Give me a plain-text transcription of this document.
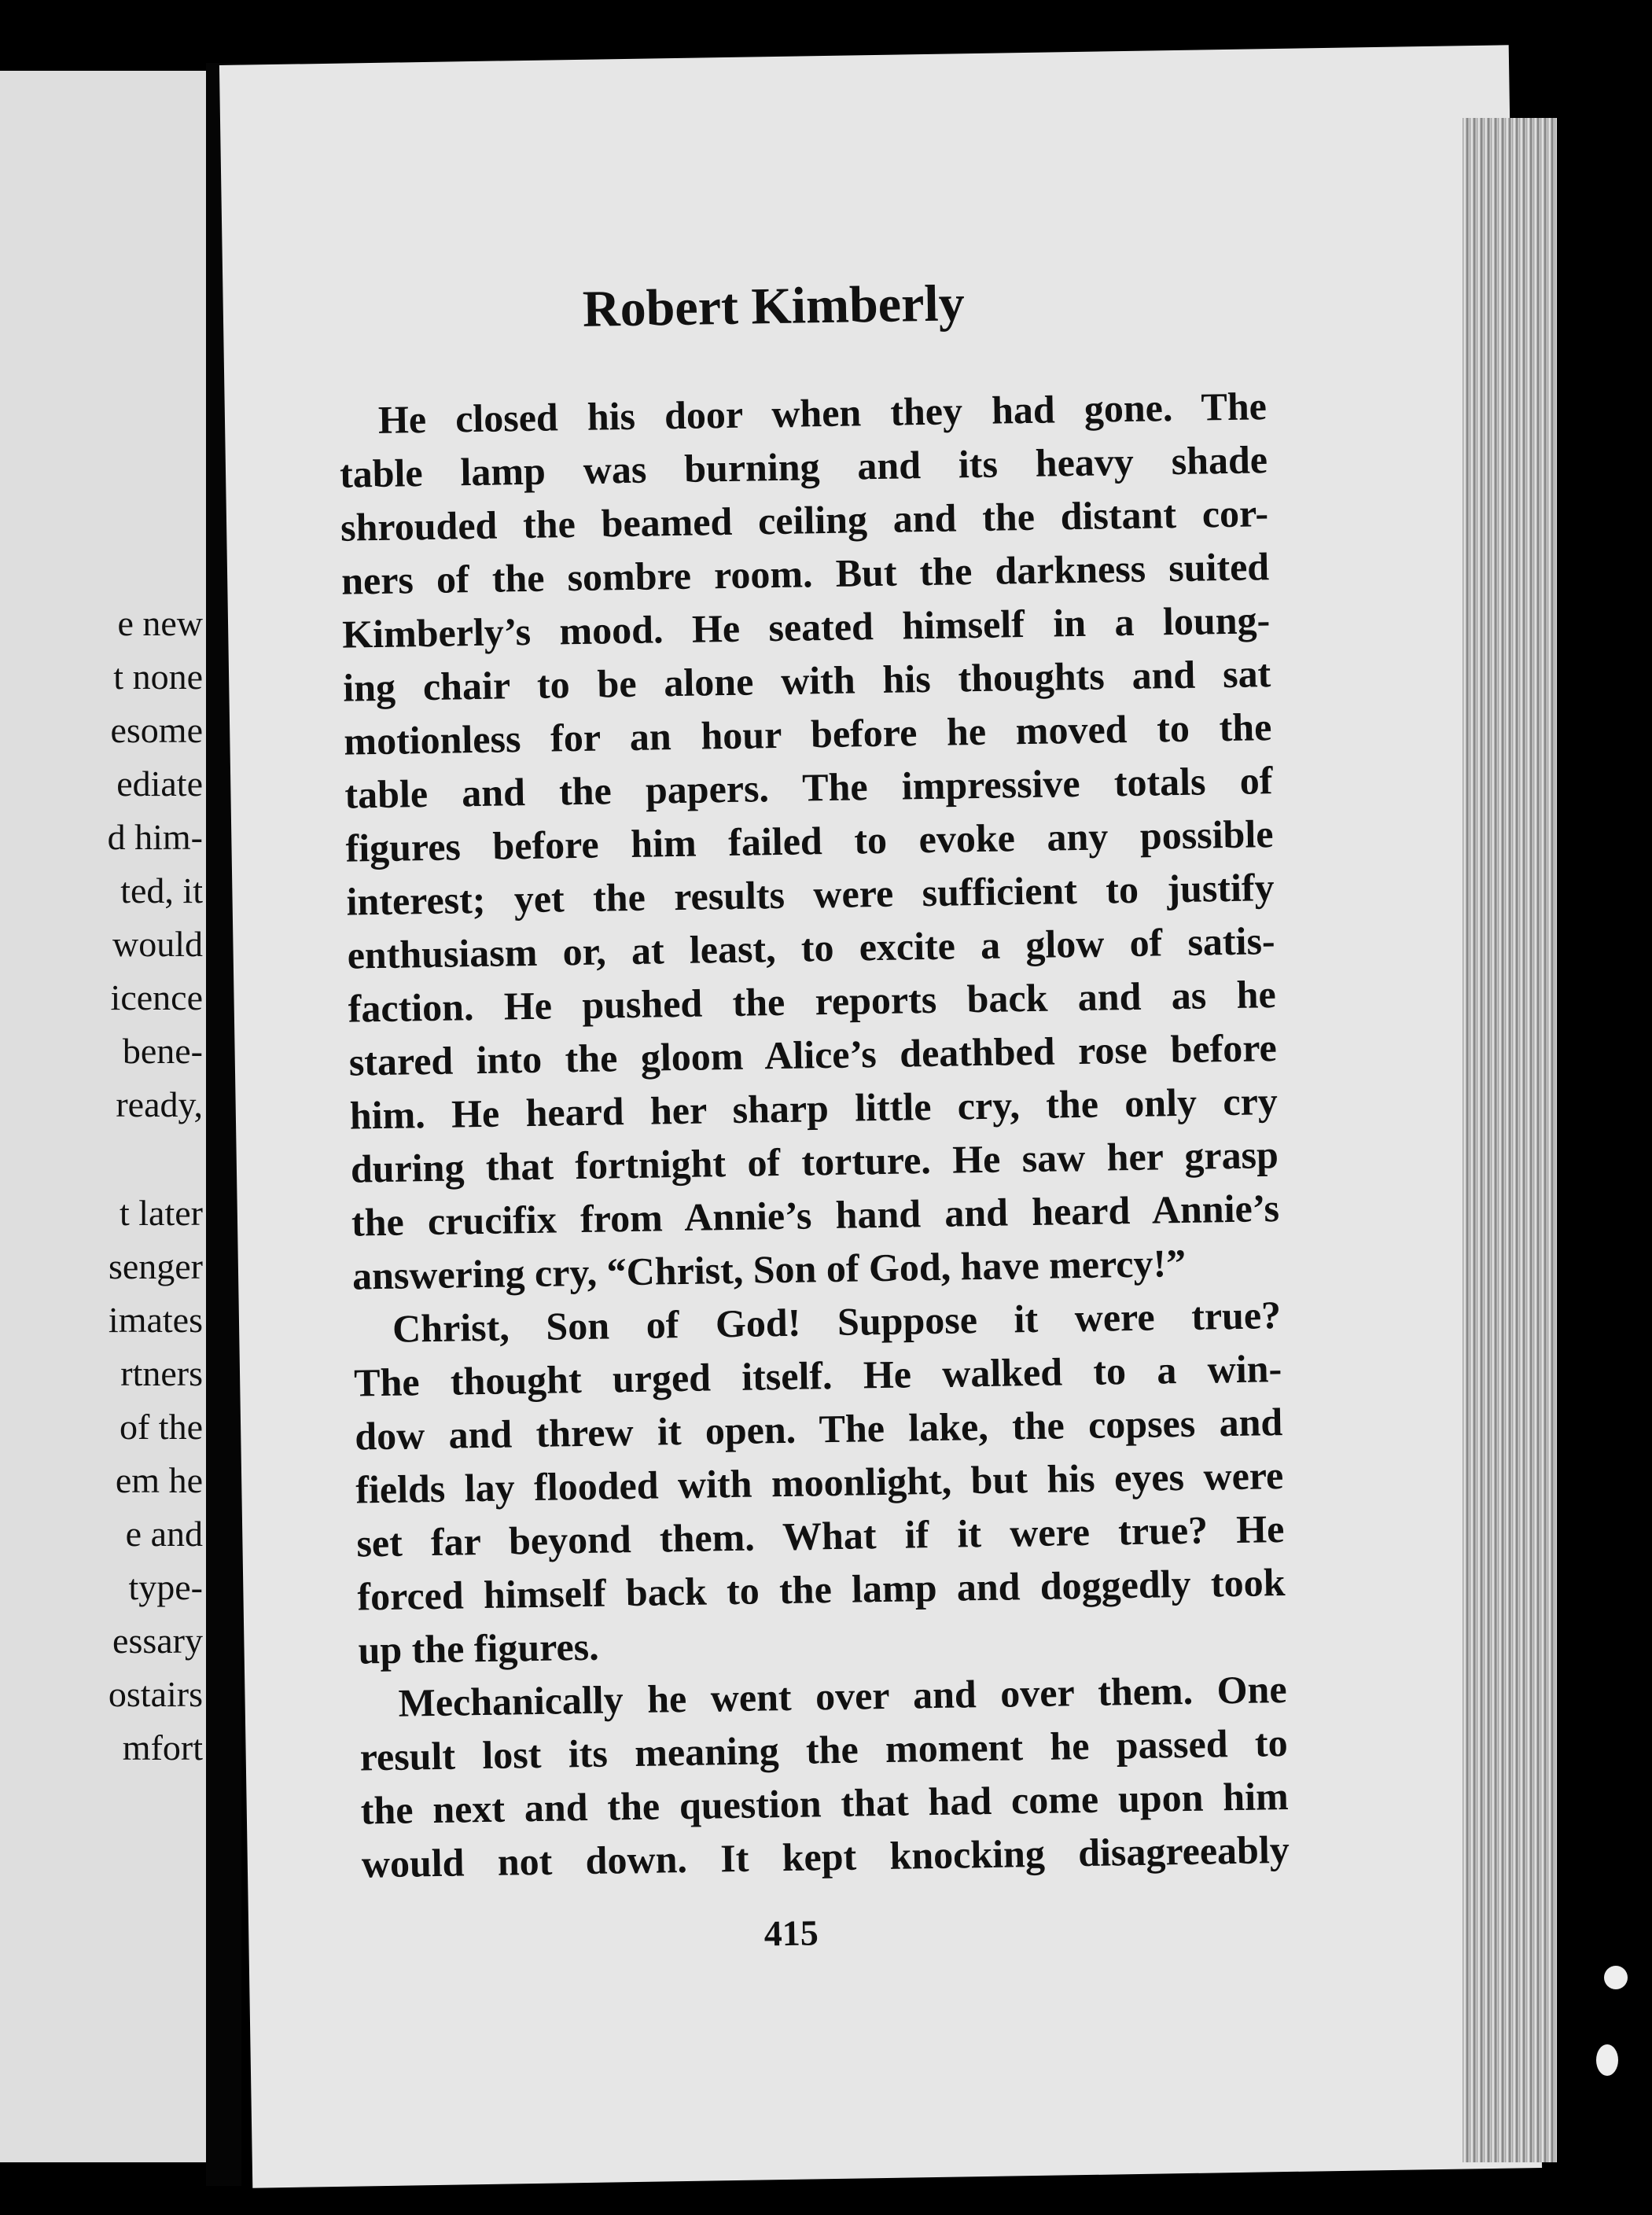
e new
t none
esome
ediate
d him-
ted, it
would
icence
bene-
ready,
t later
senger
imates
rtners
of the
em he
e and
type-
essary
ostairs
mfort
Robert Kimberly
He closed his door when they had gone. The
table lamp was burning and its heavy shade
shrouded the beamed ceiling and the distant cor-
ners of the sombre room. But the darkness suited
Kimberly’s mood. He seated himself in a loung-
ing chair to be alone with his thoughts and sat
motionless for an hour before he moved to the
table and the papers. The impressive totals of
figures before him failed to evoke any possible
interest; yet the results were sufficient to justify
enthusiasm or, at least, to excite a glow of satis-
faction. He pushed the reports back and as he
stared into the gloom Alice’s deathbed rose before
him. He heard her sharp little cry, the only cry
during that fortnight of torture. He saw her grasp
the crucifix from Annie’s hand and heard Annie’s
answering cry, “Christ, Son of God, have mercy!”
Christ, Son of God! Suppose it were true?
The thought urged itself. He walked to a win-
dow and threw it open. The lake, the copses and
fields lay flooded with moonlight, but his eyes were
set far beyond them. What if it were true? He
forced himself back to the lamp and doggedly took
up the figures.
Mechanically he went over and over them. One
result lost its meaning the moment he passed to
the next and the question that had come upon him
would not down. It kept knocking disagreeably
415
